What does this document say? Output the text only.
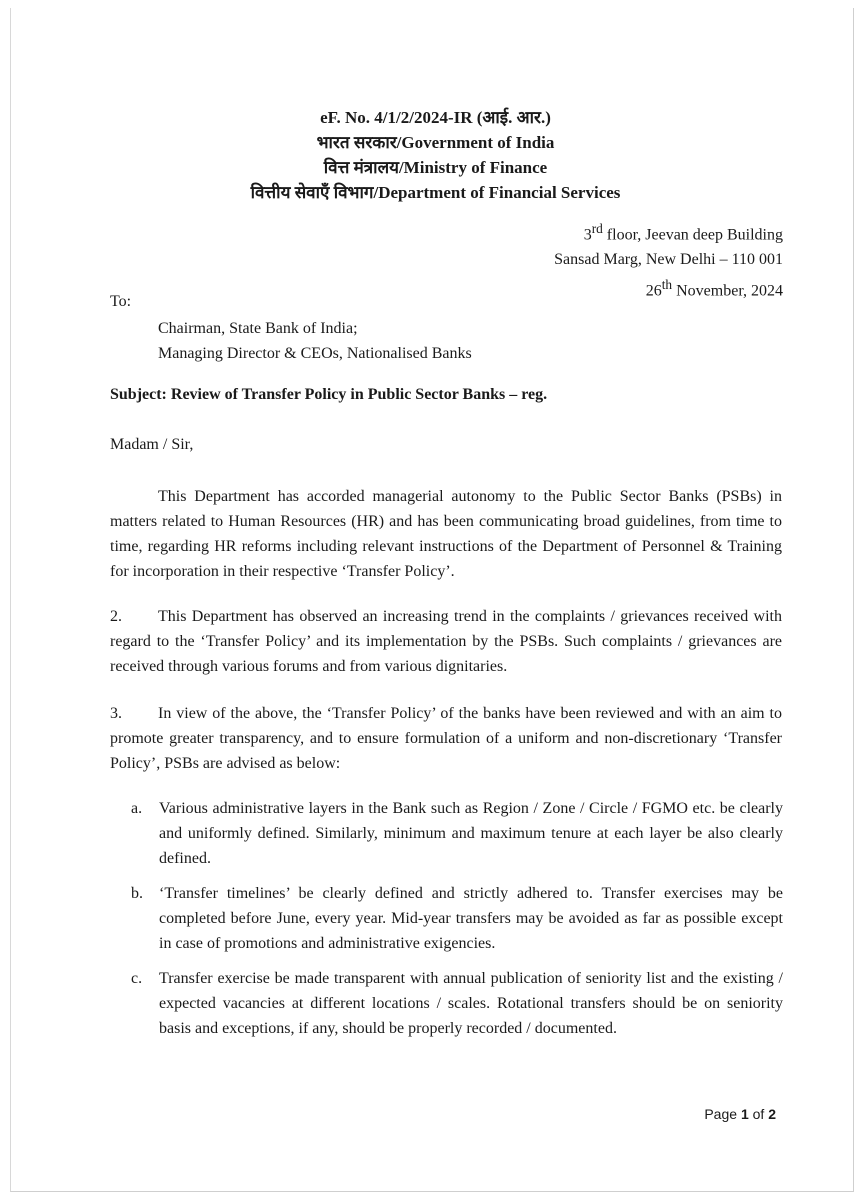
eF. No. 4/1/2/2024-IR (आई. आर.)
भारत सरकार/Government of India
वित्त मंत्रालय/Ministry of Finance
वित्तीय सेवाएँ विभाग/Department of Financial Services
3rd floor, Jeevan deep Building
Sansad Marg, New Delhi – 110 001
26th November, 2024
To:
Chairman, State Bank of India;
Managing Director & CEOs, Nationalised Banks
Subject: Review of Transfer Policy in Public Sector Banks – reg.
Madam / Sir,
This Department has accorded managerial autonomy to the Public Sector Banks (PSBs) in matters related to Human Resources (HR) and has been communicating broad guidelines, from time to time, regarding HR reforms including relevant instructions of the Department of Personnel & Training for incorporation in their respective ‘Transfer Policy’.
2. This Department has observed an increasing trend in the complaints / grievances received with regard to the ‘Transfer Policy’ and its implementation by the PSBs. Such complaints / grievances are received through various forums and from various dignitaries.
3. In view of the above, the ‘Transfer Policy’ of the banks have been reviewed and with an aim to promote greater transparency, and to ensure formulation of a uniform and non-discretionary ‘Transfer Policy’, PSBs are advised as below:
a.	Various administrative layers in the Bank such as Region / Zone / Circle / FGMO etc. be clearly and uniformly defined. Similarly, minimum and maximum tenure at each layer be also clearly defined.
b.	‘Transfer timelines’ be clearly defined and strictly adhered to. Transfer exercises may be completed before June, every year. Mid-year transfers may be avoided as far as possible except in case of promotions and administrative exigencies.
c.	Transfer exercise be made transparent with annual publication of seniority list and the existing / expected vacancies at different locations / scales. Rotational transfers should be on seniority basis and exceptions, if any, should be properly recorded / documented.
Page 1 of 2
